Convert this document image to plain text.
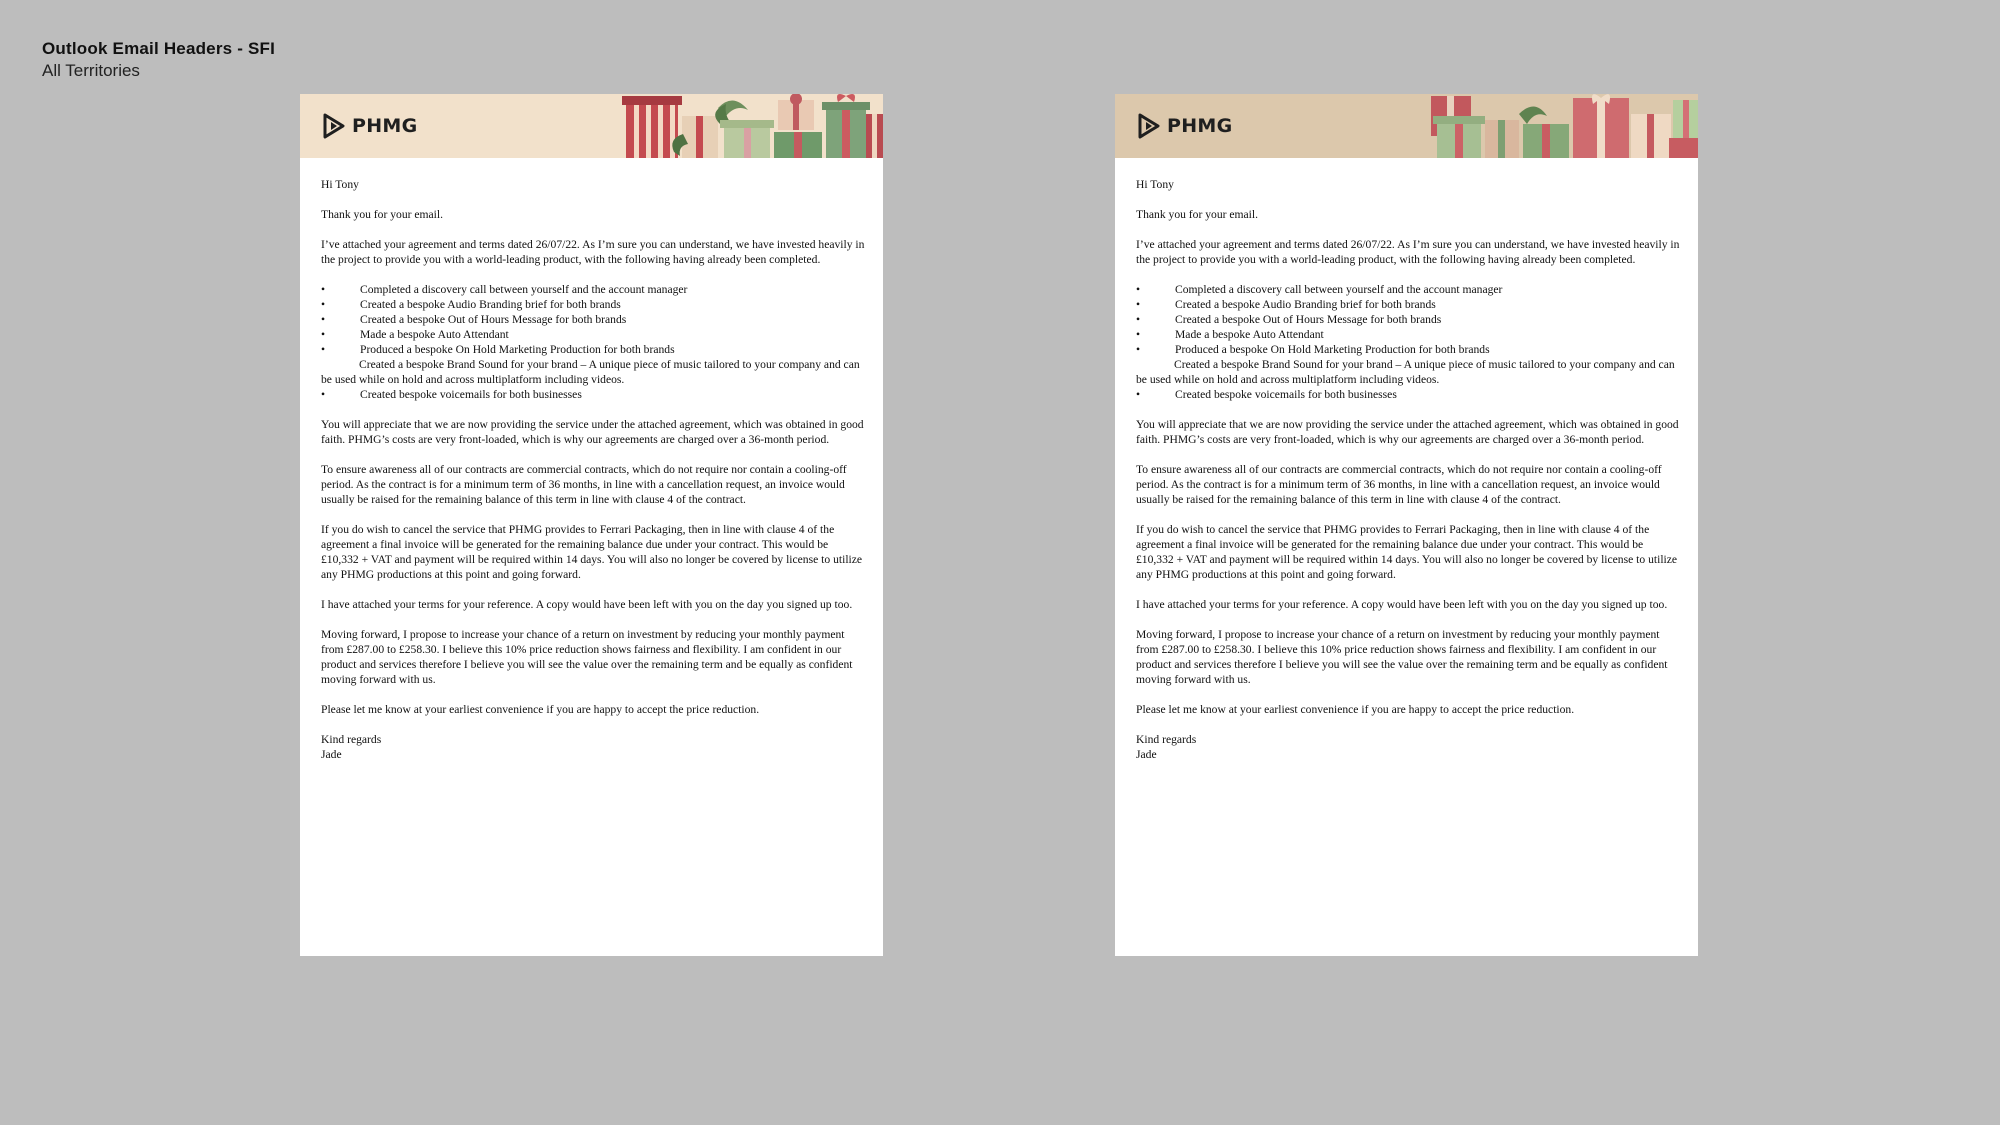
Outlook Email Headers - SFI
All Territories
PHMG

Hi Tony

Thank you for your email.

I’ve attached your agreement and terms dated 26/07/22. As I’m sure you can understand, we have invested heavily in the project to provide you with a world-leading product, with the following having already been completed.

• Completed a discovery call between yourself and the account manager
• Created a bespoke Audio Branding brief for both brands
• Created a bespoke Out of Hours Message for both brands
• Made a bespoke Auto Attendant
• Produced a bespoke On Hold Marketing Production for both brands
Created a bespoke Brand Sound for your brand – A unique piece of music tailored to your company and can be used while on hold and across multiplatform including videos.
• Created bespoke voicemails for both businesses

You will appreciate that we are now providing the service under the attached agreement, which was obtained in good faith. PHMG’s costs are very front-loaded, which is why our agreements are charged over a 36-month period.

To ensure awareness all of our contracts are commercial contracts, which do not require nor contain a cooling-off period. As the contract is for a minimum term of 36 months, in line with a cancellation request, an invoice would usually be raised for the remaining balance of this term in line with clause 4 of the contract.

If you do wish to cancel the service that PHMG provides to Ferrari Packaging, then in line with clause 4 of the agreement a final invoice will be generated for the remaining balance due under your contract. This would be £10,332 + VAT and payment will be required within 14 days. You will also no longer be covered by license to utilize any PHMG productions at this point and going forward.

I have attached your terms for your reference. A copy would have been left with you on the day you signed up too.

Moving forward, I propose to increase your chance of a return on investment by reducing your monthly payment from £287.00 to £258.30. I believe this 10% price reduction shows fairness and flexibility. I am confident in our product and services therefore I believe you will see the value over the remaining term and be equally as confident moving forward with us.

Please let me know at your earliest convenience if you are happy to accept the price reduction.

Kind regards
Jade
PHMG

Hi Tony

Thank you for your email.

I’ve attached your agreement and terms dated 26/07/22. As I’m sure you can understand, we have invested heavily in the project to provide you with a world-leading product, with the following having already been completed.

• Completed a discovery call between yourself and the account manager
• Created a bespoke Audio Branding brief for both brands
• Created a bespoke Out of Hours Message for both brands
• Made a bespoke Auto Attendant
• Produced a bespoke On Hold Marketing Production for both brands
Created a bespoke Brand Sound for your brand – A unique piece of music tailored to your company and can be used while on hold and across multiplatform including videos.
• Created bespoke voicemails for both businesses

You will appreciate that we are now providing the service under the attached agreement, which was obtained in good faith. PHMG’s costs are very front-loaded, which is why our agreements are charged over a 36-month period.

To ensure awareness all of our contracts are commercial contracts, which do not require nor contain a cooling-off period. As the contract is for a minimum term of 36 months, in line with a cancellation request, an invoice would usually be raised for the remaining balance of this term in line with clause 4 of the contract.

If you do wish to cancel the service that PHMG provides to Ferrari Packaging, then in line with clause 4 of the agreement a final invoice will be generated for the remaining balance due under your contract. This would be £10,332 + VAT and payment will be required within 14 days. You will also no longer be covered by license to utilize any PHMG productions at this point and going forward.

I have attached your terms for your reference. A copy would have been left with you on the day you signed up too.

Moving forward, I propose to increase your chance of a return on investment by reducing your monthly payment from £287.00 to £258.30. I believe this 10% price reduction shows fairness and flexibility. I am confident in our product and services therefore I believe you will see the value over the remaining term and be equally as confident moving forward with us.

Please let me know at your earliest convenience if you are happy to accept the price reduction.

Kind regards
Jade
